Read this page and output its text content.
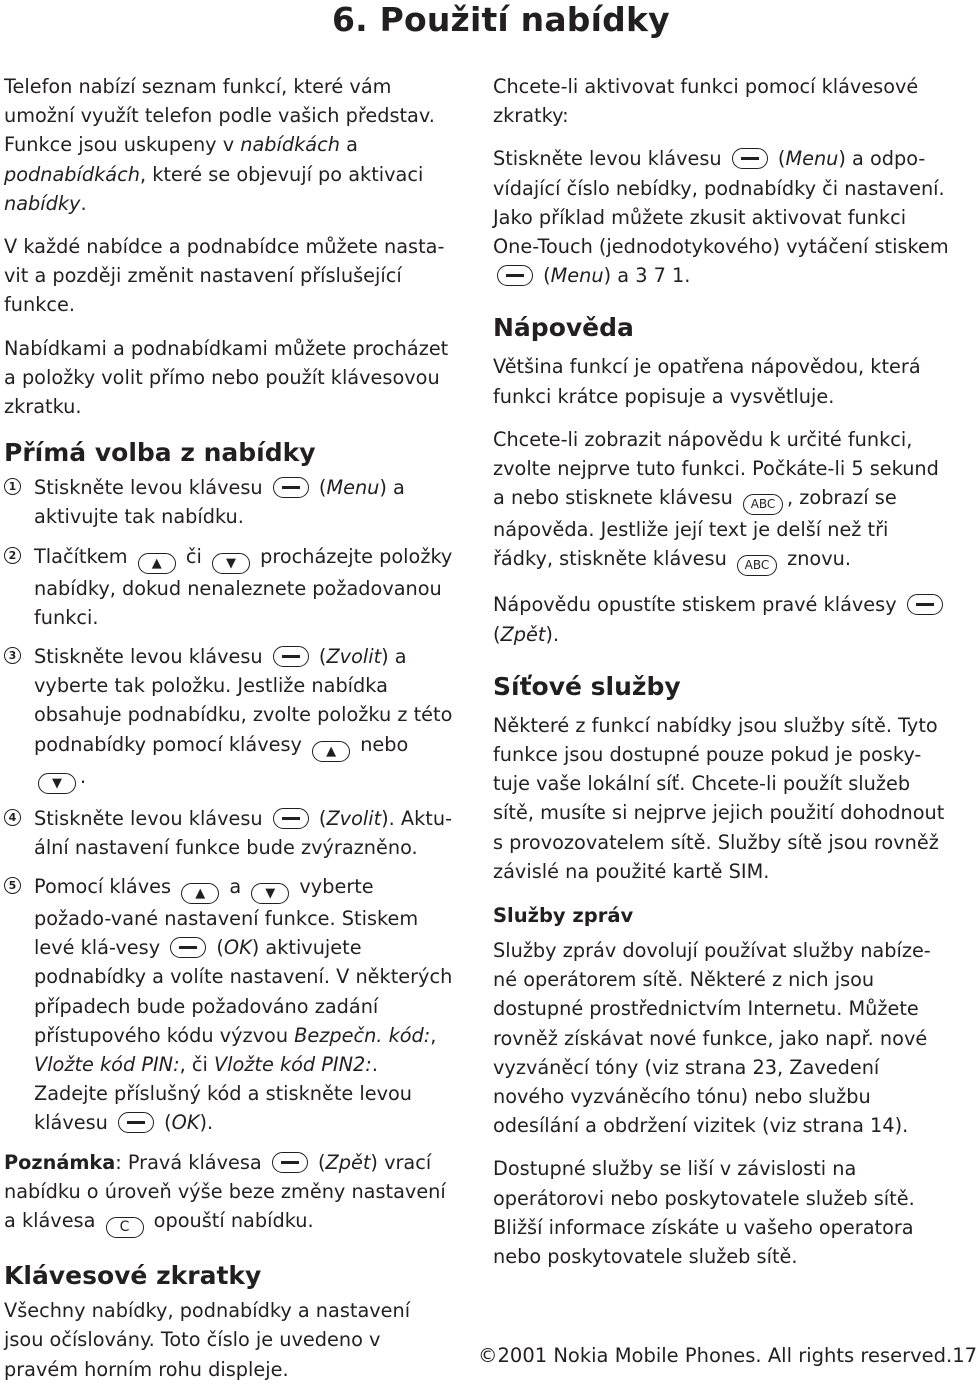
6. Použití nabídky

Telefon nabízí seznam funkcí, které vám umožní využít telefon podle vašich představ. Funkce jsou uskupeny v nabídkách a podnabídkách, které se objevují po aktivaci nabídky.

V každé nabídce a podnabídce můžete nasta-vit a později změnit nastavení příslušející funkce.

Nabídkami a podnabídkami můžete procházet a položky volit přímo nebo použít klávesovou zkratku.

Přímá volba z nabídky
1 Stiskněte levou klávesu  (Menu) a aktivujte tak nabídku.
2 Tlačítkem ▲ či ▼ procházejte položky nabídky, dokud nenaleznete požadovanou funkci.
3 Stiskněte levou klávesu  (Zvolit) a vyberte tak položku. Jestliže nabídka obsahuje podnabídku, zvolte položku z této podnabídky pomocí klávesy ▲ nebo ▼ .
4 Stiskněte levou klávesu  (Zvolit). Aktu-ální nastavení funkce bude zvýrazněno.
5 Pomocí kláves ▲ a ▼ vyberte požado-vané nastavení funkce. Stiskem levé klá-vesy  (OK) aktivujete podnabídky a volíte nastavení. V některých případech bude požadováno zadání přístupového kódu výzvou Bezpečn. kód:, Vložte kód PIN:, či Vložte kód PIN2:. Zadejte příslušný kód a stiskněte levou klávesu  (OK).

Poznámka: Pravá klávesa  (Zpět) vrací nabídku o úroveň výše beze změny nastavení a klávesa C opouští nabídku.

Klávesové zkratky

Všechny nabídky, podnabídky a nastavení jsou očíslovány. Toto číslo je uvedeno v pravém horním rohu displeje.

Chcete-li aktivovat funkci pomocí klávesové zkratky:

Stiskněte levou klávesu  (Menu) a odpo-vídající číslo nebídky, podnabídky či nastavení. Jako příklad můžete zkusit aktivovat funkci One-Touch (jednodotykového) vytáčení stiskem  (Menu) a 3 7 1.

Nápověda

Většina funkcí je opatřena nápovědou, která funkci krátce popisuje a vysvětluje.

Chcete-li zobrazit nápovědu k určité funkci, zvolte nejprve tuto funkci. Počkáte-li 5 sekund a nebo stisknete klávesu ABC , zobrazí se nápověda. Jestliže její text je delší než tři řádky, stiskněte klávesu ABC znovu.

Nápovědu opustíte stiskem pravé klávesy  (Zpět).

Síťové služby

Některé z funkcí nabídky jsou služby sítě. Tyto funkce jsou dostupné pouze pokud je posky-tuje vaše lokální síť. Chcete-li použít služeb sítě, musíte si nejprve jejich použití dohodnout s provozovatelem sítě. Služby sítě jsou rovněž závislé na použité kartě SIM.

Služby zpráv

Služby zpráv dovolují používat služby nabíze-né operátorem sítě. Některé z nich jsou dostupné prostřednictvím Internetu. Můžete rovněž získávat nové funkce, jako např. nové vyzváněcí tóny (viz strana 23, Zavedení nového vyzváněcího tónu) nebo službu odesílání a obdržení vizitek (viz strana 14).

Dostupné služby se liší v závislosti na operátorovi nebo poskytovatele služeb sítě. Bližší informace získáte u vašeho operatora nebo poskytovatele služeb sítě.

©2001 Nokia Mobile Phones. All rights reserved.17
